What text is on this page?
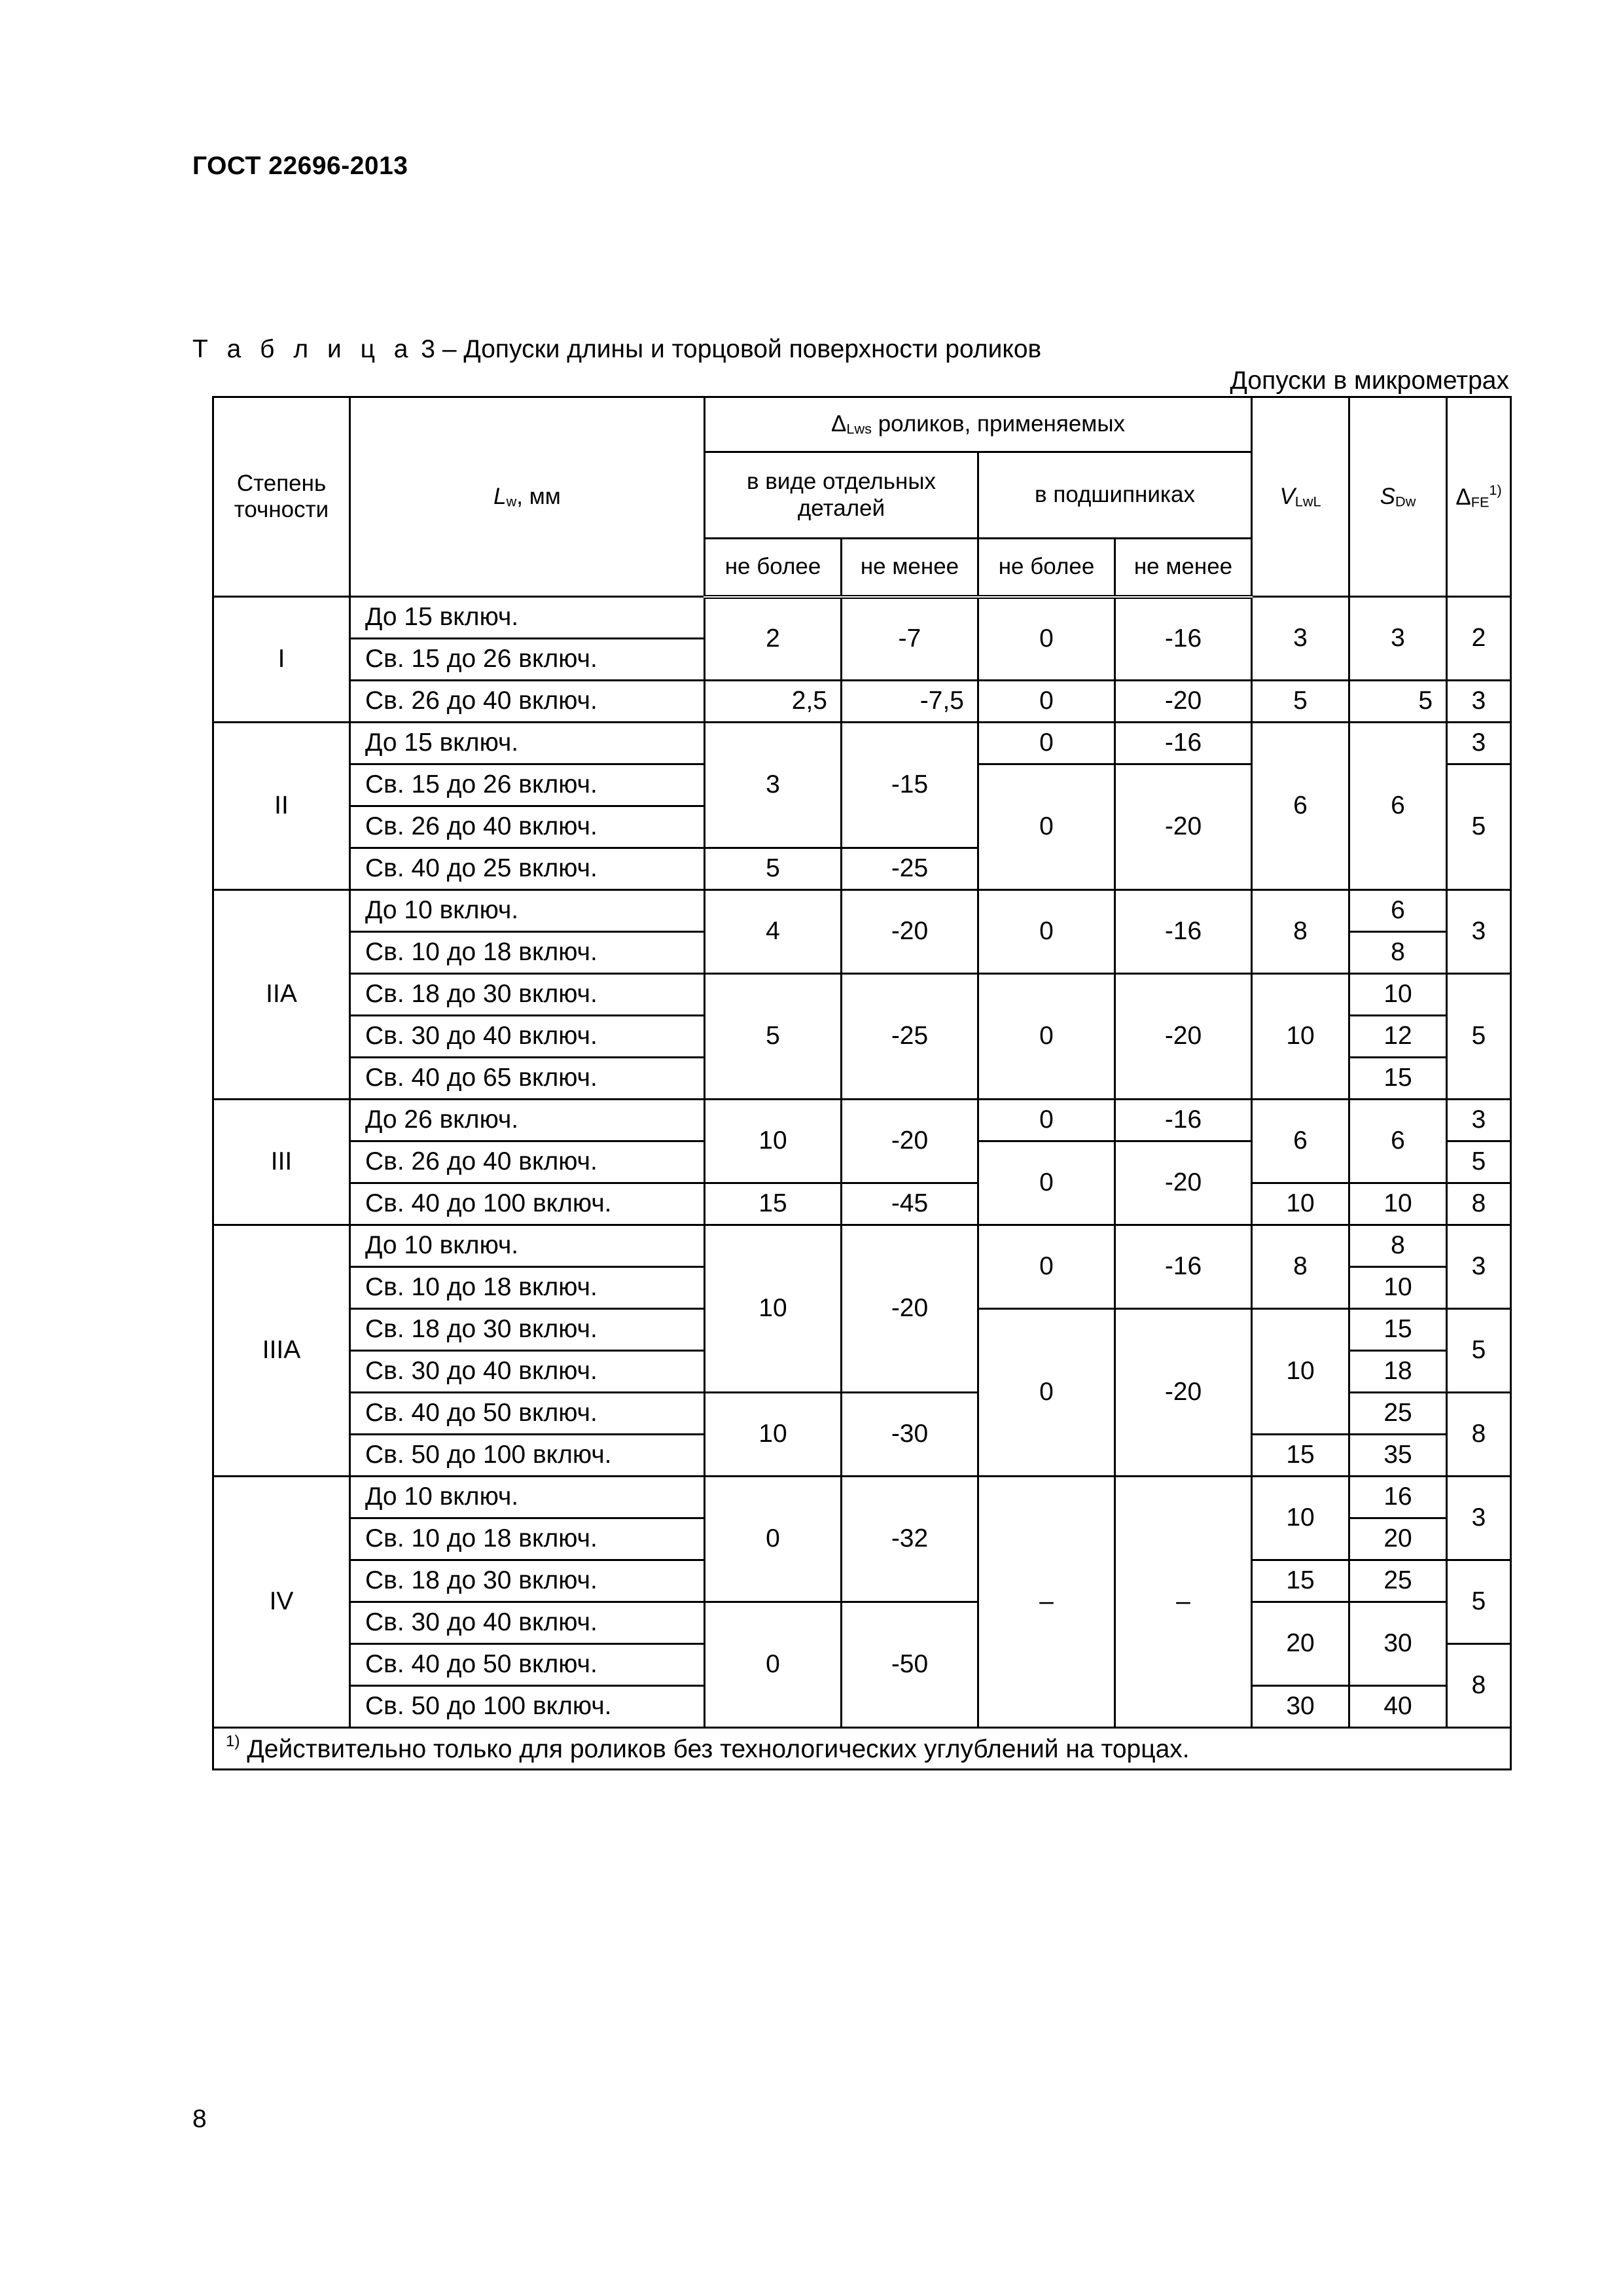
ГОСТ 22696-2013
Т а б л и ц а 3 – Допуски длины и торцовой поверхности роликов
Допуски в микрометрах
Степень точности	$L_w$, мм	$\Delta_{Lws}$ роликов, применяемых				$V_{LwL}$	$S_{Dw}$	$\Delta_{FE}^{1)}$
		в виде отдельных деталей		в подшипниках				
		не более	не менее	не более	не менее			
I	До 15 включ.	2	-7	0	-16	3	3	2
	Св. 15 до 26 включ.							
	Св. 26 до 40 включ.	2,5	-7,5	0	-20	5	5	3
II	До 15 включ.	3	-15	0	-16	6	6	3
	Св. 15 до 26 включ.			0	-20			5
	Св. 26 до 40 включ.							
	Св. 40 до 25 включ.	5	-25					
IIA	До 10 включ.	4	-20	0	-16	8	6	3
	Св. 10 до 18 включ.						8	
	Св. 18 до 30 включ.	5	-25	0	-20	10	10	5
	Св. 30 до 40 включ.						12	
	Св. 40 до 65 включ.						15	
III	До 26 включ.	10	-20	0	-16	6	6	3
	Св. 26 до 40 включ.			0	-20			5
	Св. 40 до 100 включ.	15	-45			10	10	8
IIIA	До 10 включ.	10	-20	0	-16	8	8	3
	Св. 10 до 18 включ.						10	
	Св. 18 до 30 включ.			0	-20	10	15	5
	Св. 30 до 40 включ.						18	
	Св. 40 до 50 включ.	10	-30				25	8
	Св. 50 до 100 включ.					15	35	
IV	До 10 включ.	0	-32	–	–	10	16	3
	Св. 10 до 18 включ.						20	
	Св. 18 до 30 включ.					15	25	5
	Св. 30 до 40 включ.	0	-50			20	30	
	Св. 40 до 50 включ.							8
	Св. 50 до 100 включ.					30	40	
$^{1)}$ Действительно только для роликов без технологических углублений на торцах.								
8
